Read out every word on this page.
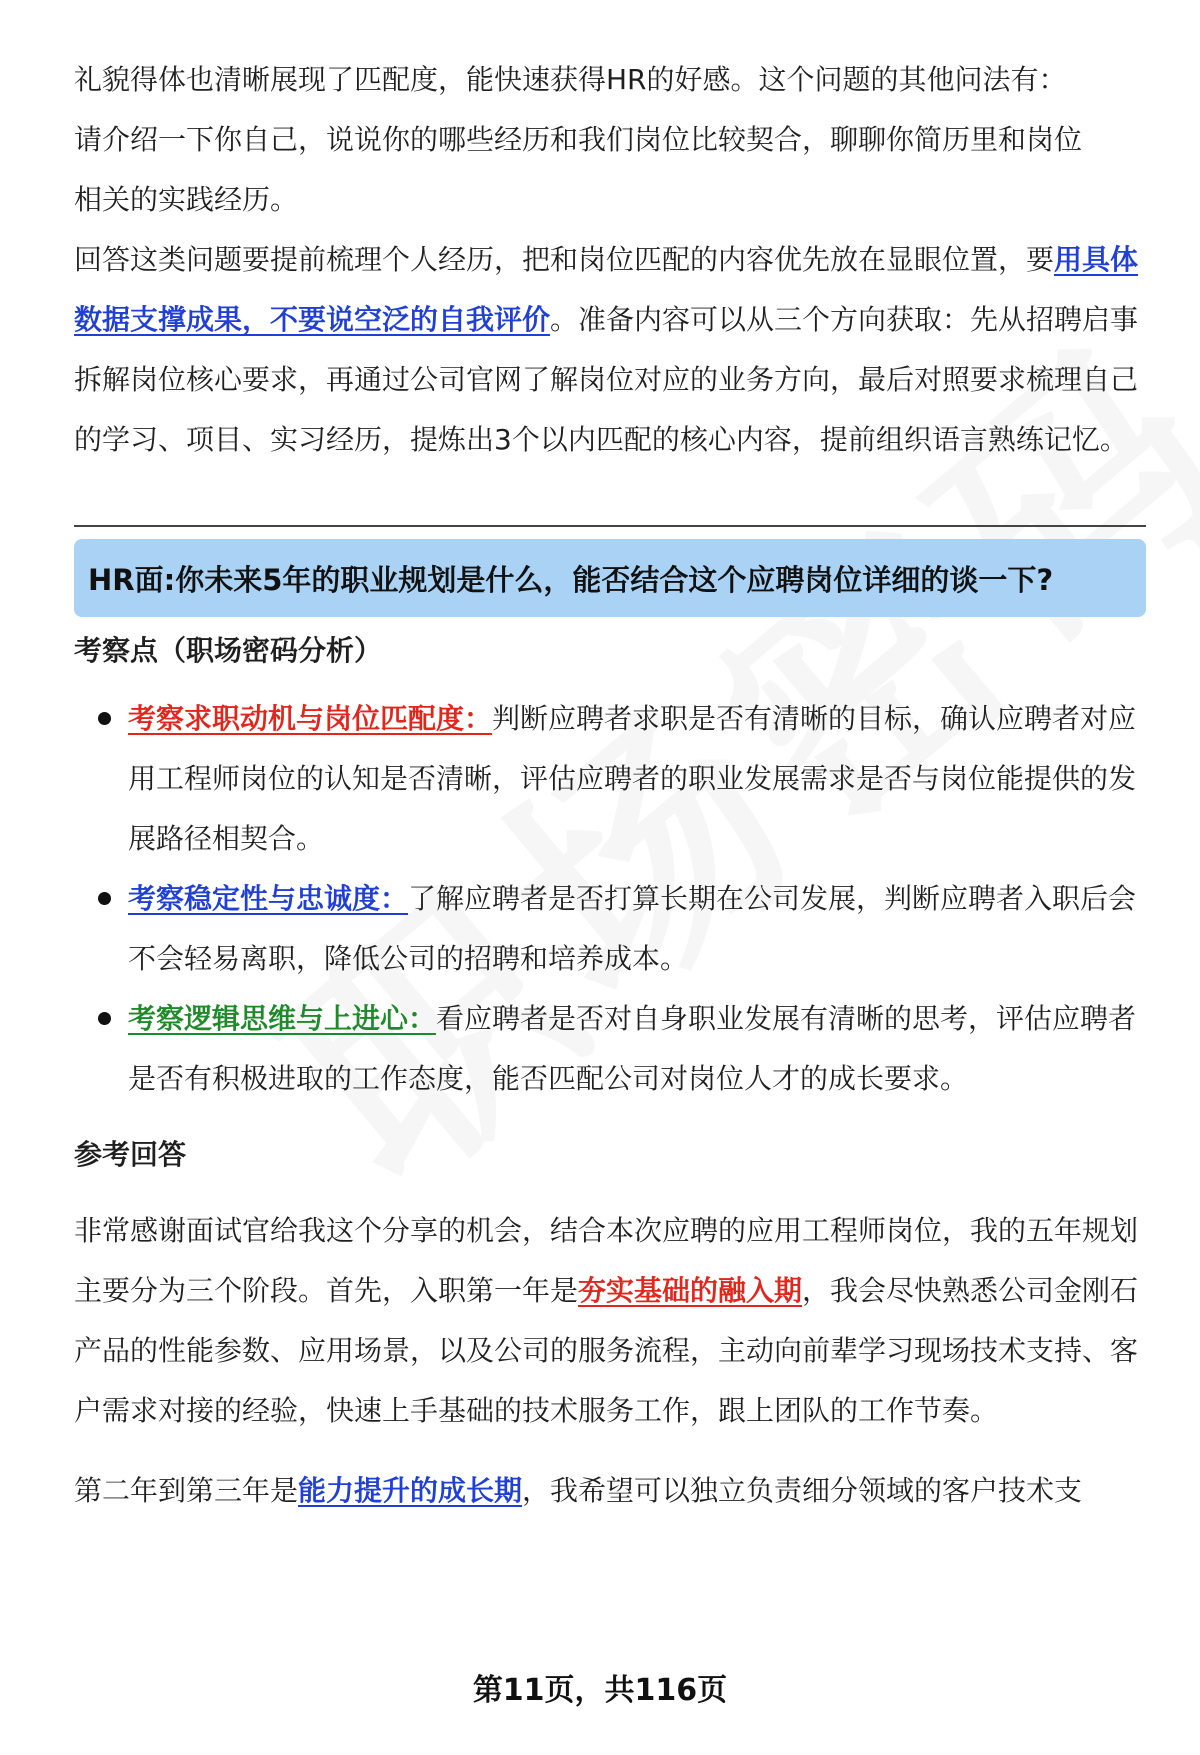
礼貌得体也清晰展现了匹配度，能快速获得HR的好感。这个问题的其他问法有：

请介绍一下你自己，说说你的哪些经历和我们岗位比较契合，聊聊你简历里和岗位

相关的实践经历。

回答这类问题要提前梳理个人经历，把和岗位匹配的内容优先放在显眼位置，要用具体数据支撑成果，不要说空泛的自我评价。准备内容可以从三个方向获取：先从招聘启事拆解岗位核心要求，再通过公司官网了解岗位对应的业务方向，最后对照要求梳理自己的学习、项目、实习经历，提炼出3个以内匹配的核心内容，提前组织语言熟练记忆。

HR面:你未来5年的职业规划是什么，能否结合这个应聘岗位详细的谈一下?

考察点（职场密码分析）

考察求职动机与岗位匹配度：判断应聘者求职是否有清晰的目标，确认应聘者对应用工程师岗位的认知是否清晰，评估应聘者的职业发展需求是否与岗位能提供的发展路径相契合。
考察稳定性与忠诚度：了解应聘者是否打算长期在公司发展，判断应聘者入职后会不会轻易离职，降低公司的招聘和培养成本。
考察逻辑思维与上进心：看应聘者是否对自身职业发展有清晰的思考，评估应聘者是否有积极进取的工作态度，能否匹配公司对岗位人才的成长要求。

参考回答

非常感谢面试官给我这个分享的机会，结合本次应聘的应用工程师岗位，我的五年规划主要分为三个阶段。首先，入职第一年是夯实基础的融入期，我会尽快熟悉公司金刚石产品的性能参数、应用场景，以及公司的服务流程，主动向前辈学习现场技术支持、客户需求对接的经验，快速上手基础的技术服务工作，跟上团队的工作节奏。

第二年到第三年是能力提升的成长期，我希望可以独立负责细分领域的客户技术支

第11页，共116页
